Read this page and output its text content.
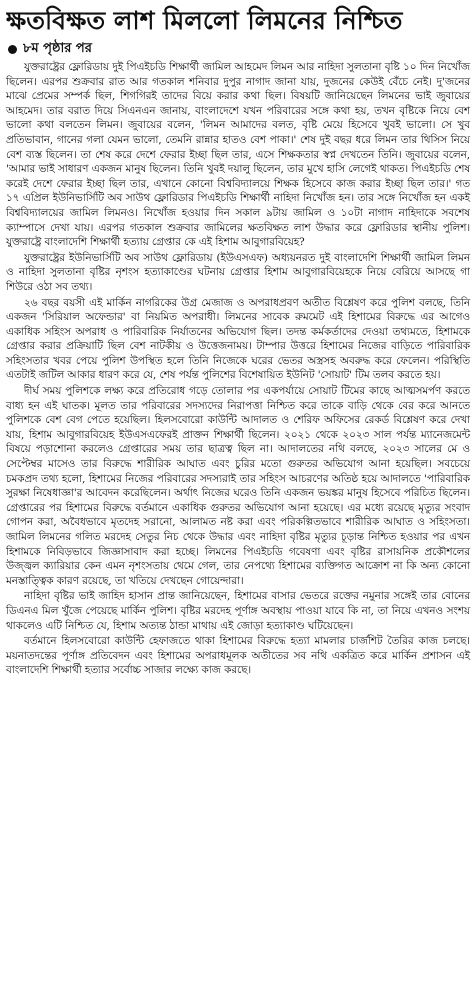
ক্ষতবিক্ষত লাশ মিললো লিমনের নিশ্চিত
৮ম পৃষ্ঠার পর

যুক্তরাষ্ট্রের ফ্লোরিডায় দুই পিএইচডি শিক্ষার্থী জামিল আহমেদ লিমন আর নাহিদা সুলতানা বৃষ্টি ১০ দিন নিখোঁজ ছিলেন। এরপর শুক্রবার রাত আর গতকাল শনিবার দুপুর নাগাদ জানা যায়, দুজনের কেউই বেঁচে নেই। দু'জনের মাঝে প্রেমের সম্পর্ক ছিল, শিগগিরই তাদের বিয়ে করার কথা ছিল। বিষয়টি জানিয়েছেন লিমনের ভাই জুবায়ের আহমেদ। তার বরাত দিয়ে সিএনএন জানায়, বাংলাদেশে যখন পরিবারের সঙ্গে কথা হয়, তখন বৃষ্টিকে নিয়ে বেশ ভালো কথা বলতেন লিমন। জুবায়ের বলেন, 'লিমন আমাদের বলত, বৃষ্টি মেয়ে হিসেবে খুবই ভালো। সে খুব প্রতিভাবান, গানের গলা যেমন ভালো, তেমনি রান্নার হাতও বেশ পাকা।' শেষ দুই বছর ধরে লিমন তার থিসিস নিয়ে বেশ ব্যস্ত ছিলেন। তা শেষ করে দেশে ফেরার ইচ্ছা ছিল তার, এসে শিক্ষকতার স্বপ্ন দেখতেন তিনি। জুবায়ের বলেন, 'আমার ভাই সাধারণ একজন মানুষ ছিলেন। তিনি খুবই দয়ালু ছিলেন, তার মুখে হাসি লেগেই থাকত। পিএইচডি শেষ করেই দেশে ফেরার ইচ্ছা ছিল তার, এখানে কোনো বিশ্ববিদ্যালয়ে শিক্ষক হিসেবে কাজ করার ইচ্ছা ছিল তার।' গত ১৭ এপ্রিল ইউনিভার্সিটি অব সাউথ ফ্লোরিডার পিএইচডি শিক্ষার্থী নাহিদা নিখোঁজ হন। তার সঙ্গে নিখোঁজ হন একই বিশ্ববিদ্যালয়ের জামিল লিমনও। নিখোঁজ হওয়ার দিন সকাল ৯টায় জামিল ও ১০টা নাগাদ নাহিদাকে সবশেষ ক্যাম্পাসে দেখা যায়। এরপর গতকাল শুক্রবার জামিলের ক্ষতবিক্ষত লাশ উদ্ধার করে ফ্লোরিডার স্থানীয় পুলিশ। যুক্তরাষ্ট্রে বাংলাদেশি শিক্ষার্থী হত্যায় গ্রেপ্তার কে এই হিশাম আবুগারবিয়েহ?

যুক্তরাষ্ট্রের ইউনিভার্সিটি অব সাউথ ফ্লোরিডায় (ইউএসএফ) অধ্যয়নরত দুই বাংলাদেশি শিক্ষার্থী জামিল লিমন ও নাহিদা সুলতানা বৃষ্টির নৃশংস হত্যাকাণ্ডের ঘটনায় গ্রেপ্তার হিশাম আবুগারবিয়েহকে নিয়ে বেরিয়ে আসছে গা শিউরে ওঠা সব তথ্য।

২৬ বছর বয়সী এই মার্কিন নাগরিকের উগ্র মেজাজ ও অপরাধপ্রবণ অতীত বিশ্লেষণ করে পুলিশ বলছে, তিনি একজন 'সিরিয়াল অফেন্ডার' বা নিয়মিত অপরাধী। লিমনের সাবেক রুমমেট এই হিশামের বিরুদ্ধে এর আগেও একাধিক সহিংস অপরাধ ও পারিবারিক নির্যাতনের অভিযোগ ছিল। তদন্ত কর্মকর্তাদের দেওয়া তথ্যমতে, হিশামকে গ্রেপ্তার করার প্রক্রিয়াটি ছিল বেশ নাটকীয় ও উত্তেজনাময়। টাম্পার উত্তরে হিশামের নিজের বাড়িতে পারিবারিক সহিংসতার খবর পেয়ে পুলিশ উপস্থিত হলে তিনি নিজেকে ঘরের ভেতর অস্ত্রসহ অবরুদ্ধ করে ফেলেন। পরিস্থিতি এতটাই জটিল আকার ধারণ করে যে, শেষ পর্যন্ত পুলিশের বিশেষায়িত ইউনিট 'সোয়াট' টিম তলব করতে হয়।

দীর্ঘ সময় পুলিশকে লক্ষ্য করে প্রতিরোধ গড়ে তোলার পর একপর্যায়ে সোয়াট টিমের কাছে আত্মসমর্পণ করতে বাধ্য হন এই ঘাতক। মূলত তার পরিবারের সদস্যদের নিরাপত্তা নিশ্চিত করে তাকে বাড়ি থেকে বের করে আনতে পুলিশকে বেশ বেগ পেতে হয়েছিল। হিলসবোরো কাউন্টি আদালত ও শেরিফ অফিসের রেকর্ড বিশ্লেষণ করে দেখা যায়, হিশাম আবুগারবিয়েহ ইউএসএফেরই প্রাক্তন শিক্ষার্থী ছিলেন। ২০২১ থেকে ২০২৩ সাল পর্যন্ত ম্যানেজমেন্ট বিষয়ে পড়াশোনা করলেও গ্রেপ্তারের সময় তার ছাত্রত্ব ছিল না। আদালতের নথি বলছে, ২০২৩ সালের মে ও সেপ্টেম্বর মাসেও তার বিরুদ্ধে শারীরিক আঘাত এবং চুরির মতো গুরুতর অভিযোগ আনা হয়েছিল। সবচেয়ে চমকপ্রদ তথ্য হলো, হিশামের নিজের পরিবারের সদস্যরাই তার সহিংস আচরণের অতিষ্ঠ হয়ে আদালতে 'পারিবারিক সুরক্ষা নিষেধাজ্ঞা'র আবেদন করেছিলেন। অর্থাৎ নিজের ঘরেও তিনি একজন ভয়ঙ্কর মানুষ হিসেবে পরিচিত ছিলেন। গ্রেপ্তারের পর হিশামের বিরুদ্ধে বর্তমানে একাধিক গুরুতর অভিযোগ আনা হয়েছে। এর মধ্যে রয়েছে মৃত্যুর সংবাদ গোপন করা, অবৈধভাবে মৃতদেহ সরানো, আলামত নষ্ট করা এবং পরিকল্পিতভাবে শারীরিক আঘাত ও সহিংসতা। জামিল লিমনের গলিত মরদেহ সেতুর নিচ থেকে উদ্ধার এবং নাহিদা বৃষ্টির মৃত্যুর চূড়ান্ত নিশ্চিত হওয়ার পর এখন হিশামকে নিবিড়ভাবে জিজ্ঞাসাবাদ করা হচ্ছে। লিমনের পিএইচডি গবেষণা এবং বৃষ্টির রাসায়নিক প্রকৌশলের উজ্জ্বল ক্যারিয়ার কেন এমন নৃশংসতায় থেমে গেল, তার নেপথ্যে হিশামের ব্যক্তিগত আক্রোশ না কি অন্য কোনো মনস্তাত্ত্বিক কারণ রয়েছে, তা খতিয়ে দেখছেন গোয়েন্দারা।

নাহিদা বৃষ্টির ভাই জাহিদ হাসান প্রান্ত জানিয়েছেন, হিশামের বাসার ভেতরে রক্তের নমুনার সঙ্গেই তার বোনের ডিএনএ মিল খুঁজে পেয়েছে মার্কিন পুলিশ। বৃষ্টির মরদেহ পূর্ণাঙ্গ অবস্থায় পাওয়া যাবে কি না, তা নিয়ে এখনও সংশয় থাকলেও এটি নিশ্চিত যে, হিশাম অত্যন্ত ঠান্ডা মাথায় এই জোড়া হত্যাকাণ্ড ঘটিয়েছেন।

বর্তমানে হিলসবোরো কাউন্টি হেফাজতে থাকা হিশামের বিরুদ্ধে হত্যা মামলার চার্জশিট তৈরির কাজ চলছে। ময়নাতদন্তের পূর্ণাঙ্গ প্রতিবেদন এবং হিশামের অপরাধমূলক অতীতের সব নথি একত্রিত করে মার্কিন প্রশাসন এই বাংলাদেশি শিক্ষার্থী হত্যার সর্বোচ্চ সাজার লক্ষ্যে কাজ করছে।
